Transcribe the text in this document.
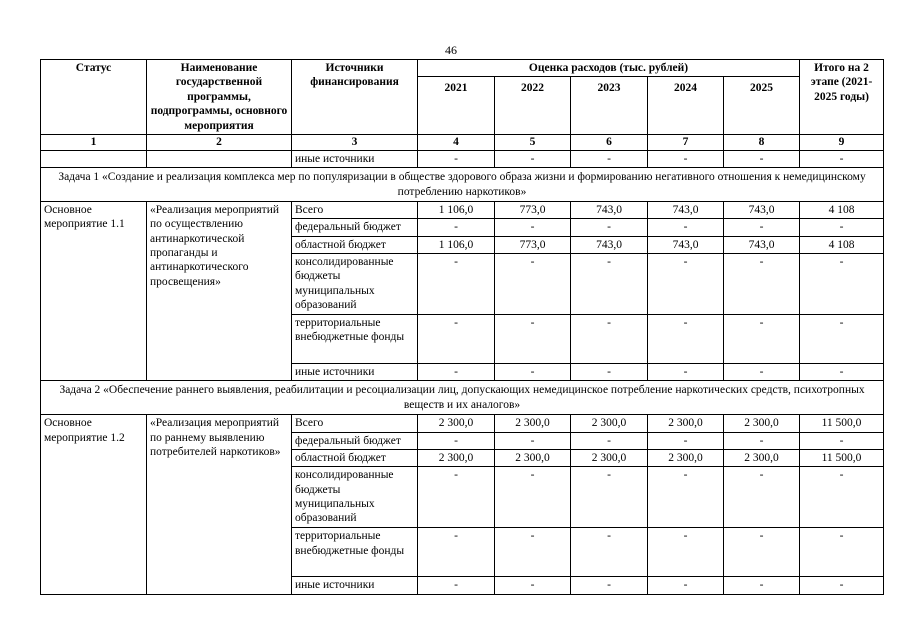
46
Статус	Наименование государственной программы, подпрограммы, основного мероприятия	Источники финансирования	Оценка расходов (тыс. рублей)					Итого на 2 этапе (2021-2025 годы)
			2021	2022	2023	2024	2025	
1	2	3	4	5	6	7	8	9
		иные источники	-	-	-	-	-	-
Задача 1 «Создание и реализация комплекса мер по популяризации в обществе здорового образа жизни и формированию негативного отношения к немедицинскому потреблению наркотиков»								
Основное мероприятие 1.1	«Реализация мероприятий по осуществлению антинаркотической пропаганды и антинаркотического просвещения»	Всего	1 106,0	773,0	743,0	743,0	743,0	4 108
		федеральный бюджет	-	-	-	-	-	-
		областной бюджет	1 106,0	773,0	743,0	743,0	743,0	4 108
		консолидированные бюджеты муниципальных образований	-	-	-	-	-	-
		территориальные внебюджетные фонды	-	-	-	-	-	-
		иные источники	-	-	-	-	-	-
Задача 2 «Обеспечение раннего выявления, реабилитации и ресоциализации лиц, допускающих немедицинское потребление наркотических средств, психотропных веществ и их аналогов»								
Основное мероприятие 1.2	«Реализация мероприятий по раннему выявлению потребителей наркотиков»	Всего	2 300,0	2 300,0	2 300,0	2 300,0	2 300,0	11 500,0
		федеральный бюджет	-	-	-	-	-	-
		областной бюджет	2 300,0	2 300,0	2 300,0	2 300,0	2 300,0	11 500,0
		консолидированные бюджеты муниципальных образований	-	-	-	-	-	-
		территориальные внебюджетные фонды	-	-	-	-	-	-
		иные источники	-	-	-	-	-	-
